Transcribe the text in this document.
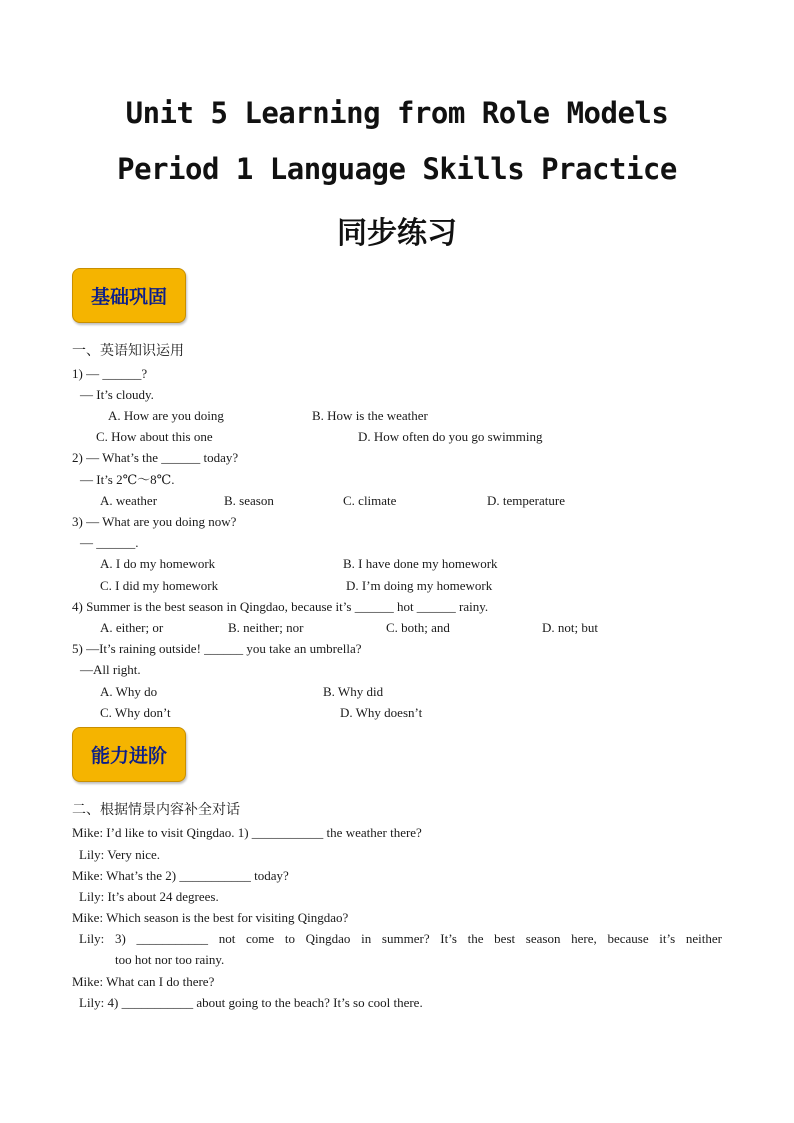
Unit 5 Learning from Role Models
Period 1 Language Skills Practice
同步练习
基础巩固
一、英语知识运用
1) — ______?
— It’s cloudy.
A. How are you doing	B. How is the weather
C. How about this one	D. How often do you go swimming
2) — What’s the ______ today?
— It’s 2℃～8℃.
A. weather	B. season	C. climate	D. temperature
3) — What are you doing now?
— ______.
A. I do my homework	B. I have done my homework
C. I did my homework	D. I’m doing my homework
4) Summer is the best season in Qingdao, because it’s ______ hot ______ rainy.
A. either; or	B. neither; nor	C. both; and	D. not; but
5) —It’s raining outside! ______ you take an umbrella?
—All right.
A. Why do	B. Why did
C. Why don’t	D. Why doesn’t
能力进阶
二、根据情景内容补全对话
Mike: I’d like to visit Qingdao. 1) ___________ the weather there?
Lily: Very nice.
Mike: What’s the 2) ___________ today?
Lily: It’s about 24 degrees.
Mike: Which season is the best for visiting Qingdao?
Lily: 3) ___________ not come to Qingdao in summer? It’s the best season here, because it’s neither
too hot nor too rainy.
Mike: What can I do there?
Lily: 4) ___________ about going to the beach? It’s so cool there.
